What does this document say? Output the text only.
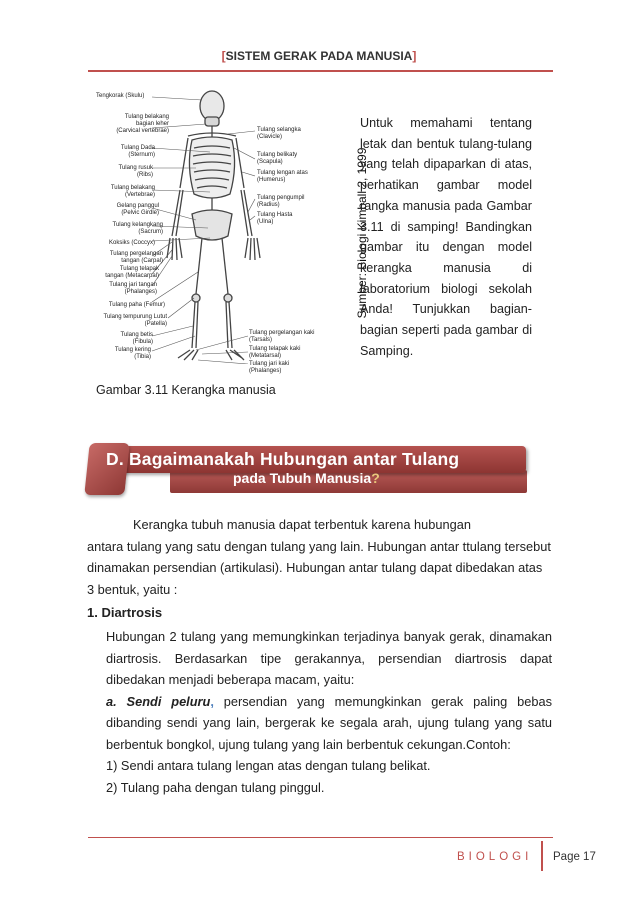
[SISTEM GERAK PADA MANUSIA]
Tengkorak (Skulu)
Tulang belakang
bagian leher
(Carvical vertebrae)
Tulang Dada
(Sternum)
Tulang rusuk
(Ribs)
Tulang belakang
(Vertebrae)
Gelang panggul
(Pelvic Girdle)
Tulang kelangkang
(Sacrum)
Koksiks (Coccyx)
Tulang pergelangan
tangan (Carpal)
Tulang telapak
tangan (Metacarpal)
Tulang jari tangan
(Phalanges)
Tulang paha (Femur)
Tulang tempurung Lutut
(Patella)
Tulang betis
(Fibula)
Tulang kering
(Tibia)
Tulang selangka
(Clavicle)
Tulang belikaty
(Scapula)
Tulang lengan atas
(Humerus)
Tulang pengumpil
(Radius)
Tulang Hasta
(Ulna)
Tulang pergelangan kaki
(Tarsals)
Tulang telapak kaki
(Metatarsal)
Tulang jari kaki
(Phalanges)
Sumber: Biologi Kimball 2, 1999
Gambar 3.11 Kerangka manusia
Untuk memahami tentang letak dan bentuk tulang-tulang yang telah dipaparkan di atas, perhatikan gambar model rangka manusia pada Gambar 3.11 di samping! Bandingkan gambar itu dengan model kerangka manusia di laboratorium biologi sekolah Anda! Tunjukkan bagian-bagian seperti pada gambar di Samping.
D. Bagaimanakah Hubungan antar Tulang
pada Tubuh Manusia?
Kerangka tubuh manusia dapat terbentuk karena hubungan
antara tulang yang satu dengan tulang yang lain. Hubungan antar ttulang tersebut dinamakan persendian (artikulasi). Hubungan antar tulang dapat dibedakan atas 3 bentuk, yaitu :
1. Diartrosis
Hubungan 2 tulang yang memungkinkan terjadinya banyak gerak, dinamakan diartrosis. Berdasarkan tipe gerakannya, persendian diartrosis dapat dibedakan menjadi beberapa macam, yaitu:
a. Sendi peluru, persendian yang memungkinkan gerak paling bebas dibanding sendi yang lain, bergerak ke segala arah, ujung tulang yang satu berbentuk bongkol, ujung tulang yang lain berbentuk cekungan.Contoh:
1) Sendi antara tulang lengan atas dengan tulang belikat.
2) Tulang paha dengan tulang pinggul.
BIOLOGI Page 17
